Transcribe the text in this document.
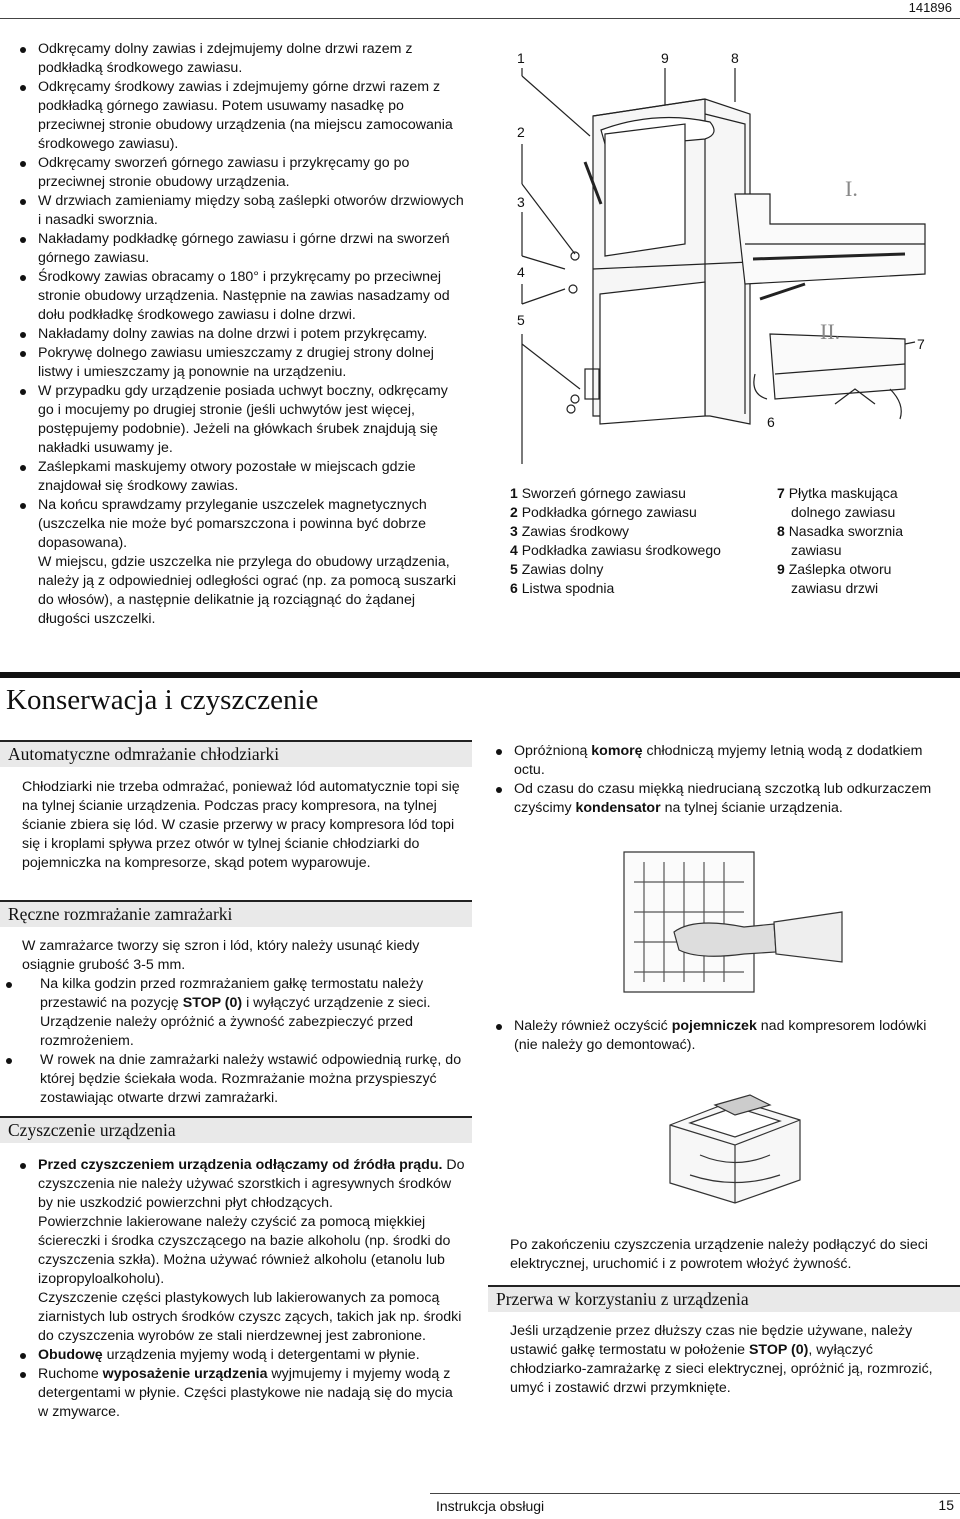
141896
Odkręcamy dolny zawias i zdejmujemy dolne drzwi razem z podkładką środkowego zawiasu.
Odkręcamy środkowy zawias i zdejmujemy górne drzwi razem z podkładką górnego zawiasu. Potem usuwamy nasadkę po przeciwnej stronie obudowy urządzenia (na miejscu zamocowania środkowego zawiasu).
Odkręcamy sworzeń górnego zawiasu i przykręcamy go po przeciwnej stronie obudowy urządzenia.
W drzwiach zamieniamy między sobą zaślepki otworów drzwiowych i nasadki sworznia.
Nakładamy podkładkę górnego zawiasu i górne drzwi na sworzeń górnego zawiasu.
Środkowy zawias obracamy o 180° i przykręcamy po przeciwnej stronie obudowy urządzenia. Następnie na zawias nasadzamy od dołu podkładkę środkowego zawiasu i dolne drzwi.
Nakładamy dolny zawias na dolne drzwi i potem przykręcamy.
Pokrywę dolnego zawiasu umieszczamy z drugiej strony dolnej listwy i umieszczamy ją ponownie na urządzeniu.
W przypadku gdy urządzenie posiada uchwyt boczny, odkręcamy go i mocujemy po drugiej stronie (jeśli uchwytów jest więcej, postępujemy podobnie). Jeżeli na główkach śrubek znajdują się nakładki usuwamy je.
Zaślepkami maskujemy otwory pozostałe w miejscach gdzie znajdował się środkowy zawias.
Na końcu sprawdzamy przyleganie uszczelek magnetycznych (uszczelka nie może być pomarszczona i powinna być dobrze dopasowana).
W miejscu, gdzie uszczelka nie przylega do obudowy urządzenia, należy ją z odpowiedniej odległości ograć (np. za pomocą suszarki do włosów), a następnie delikatnie ją rozciągnąć do żądanej długości uszczelki.
I.
II.
1	9	8
2
3
4
5
7
6
1 Sworzeń górnego zawiasu
2 Podkładka górnego zawiasu
3 Zawias środkowy
4 Podkładka zawiasu środkowego
5 Zawias dolny
6 Listwa spodnia
7 Płytka maskująca
dolnego zawiasu
8 Nasadka sworznia
zawiasu
9 Zaślepka otworu
zawiasu drzwi
Konserwacja i czyszczenie
Automatyczne odmrażanie chłodziarki
Chłodziarki nie trzeba odmrażać, ponieważ lód automatycznie topi się na tylnej ścianie urządzenia. Podczas pracy kompresora, na tylnej ścianie zbiera się lód. W czasie przerwy w pracy kompresora lód topi się i kroplami spływa przez otwór w tylnej ścianie chłodziarki do pojemniczka na kompresorze, skąd potem wyparowuje.
Ręczne rozmrażanie zamrażarki
W zamrażarce tworzy się szron i lód, który należy usunąć kiedy osiągnie grubość 3-5 mm.
Na kilka godzin przed rozmrażaniem gałkę termostatu należy przestawić na pozycję STOP (0) i wyłączyć urządzenie z sieci. Urządzenie należy opróżnić a żywność zabezpieczyć przed rozmrożeniem.
W rowek na dnie zamrażarki należy wstawić odpowiednią rurkę, do której będzie ściekała woda. Rozmrażanie można przyspieszyć zostawiając otwarte drzwi zamrażarki.
Czyszczenie urządzenia
Przed czyszczeniem urządzenia odłączamy od źródła prądu. Do czyszczenia nie należy używać szorstkich i agresywnych środków by nie uszkodzić powierzchni płyt chłodzących.
Powierzchnie lakierowane należy czyścić za pomocą miękkiej ściereczki i środka czyszczącego na bazie alkoholu (np. środki do czyszczenia szkła). Można używać również alkoholu (etanolu lub izopropyloalkoholu).
Czyszczenie części plastykowych lub lakierowanych za pomocą ziarnistych lub ostrych środków czyszc zących, takich jak np. środki do czyszczenia wyrobów ze stali nierdzewnej jest zabronione.
Obudowę urządzenia myjemy wodą i detergentami w płynie.
Ruchome wyposażenie urządzenia wyjmujemy i myjemy wodą z detergentami w płynie. Części plastykowe nie nadają się do mycia w zmywarce.
Opróżnioną komorę chłodniczą myjemy letnią wodą z dodatkiem octu.
Od czasu do czasu miękką niedrucianą szczotką lub odkurzaczem czyścimy kondensator na tylnej ścianie urządzenia.
Należy również oczyścić pojemniczek nad kompresorem lodówki (nie należy go demontować).
Po zakończeniu czyszczenia urządzenie należy podłączyć do sieci elektrycznej, uruchomić i z powrotem włożyć żywność.
Przerwa w korzystaniu z urządzenia
Jeśli urządzenie przez dłuższy czas nie będzie używane, należy ustawić gałkę termostatu w położenie STOP (0), wyłączyć chłodziarko-zamrażarkę z sieci elektrycznej, opróżnić ją, rozmrozić, umyć i zostawić drzwi przymknięte.
Instrukcja obsługi	15
